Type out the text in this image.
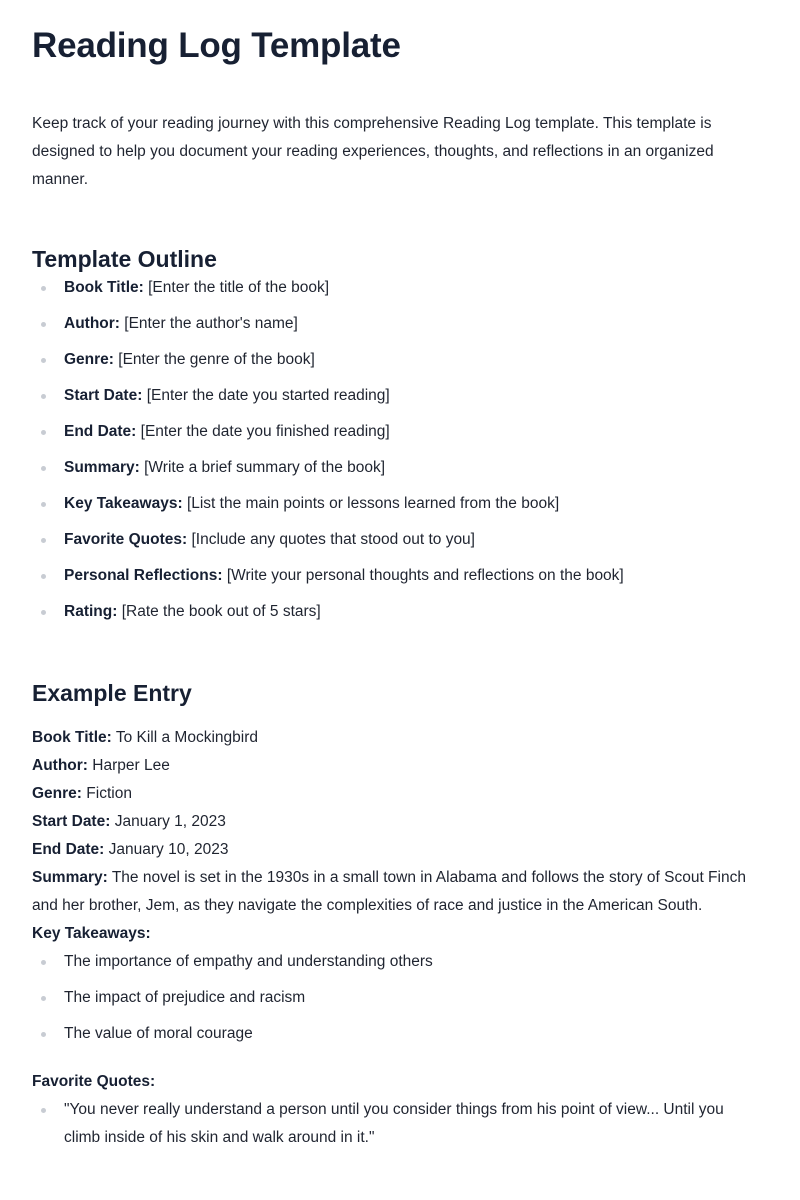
Reading Log Template

Keep track of your reading journey with this comprehensive Reading Log template. This template is designed to help you document your reading experiences, thoughts, and reflections in an organized manner.

Template Outline
Book Title: [Enter the title of the book]
Author: [Enter the author's name]
Genre: [Enter the genre of the book]
Start Date: [Enter the date you started reading]
End Date: [Enter the date you finished reading]
Summary: [Write a brief summary of the book]
Key Takeaways: [List the main points or lessons learned from the book]
Favorite Quotes: [Include any quotes that stood out to you]
Personal Reflections: [Write your personal thoughts and reflections on the book]
Rating: [Rate the book out of 5 stars]
Example Entry
Book Title: To Kill a Mockingbird
Author: Harper Lee
Genre: Fiction
Start Date: January 1, 2023
End Date: January 10, 2023
Summary: The novel is set in the 1930s in a small town in Alabama and follows the story of Scout Finch and her brother, Jem, as they navigate the complexities of race and justice in the American South.
Key Takeaways:
The importance of empathy and understanding others
The impact of prejudice and racism
The value of moral courage
Favorite Quotes:
"You never really understand a person until you consider things from his point of view... Until you climb inside of his skin and walk around in it."
